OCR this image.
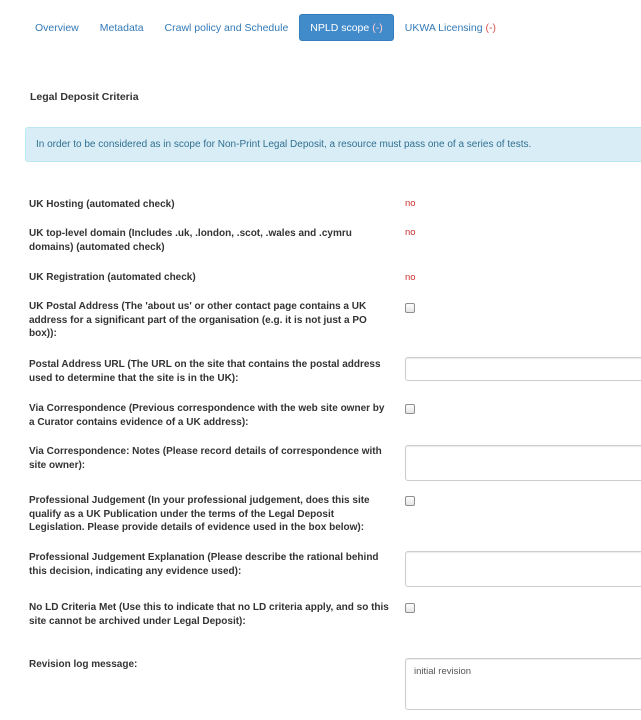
Overview Metadata Crawl policy and Schedule NPLD scope (-) UKWA Licensing (-)
Legal Deposit Criteria
In order to be considered as in scope for Non-Print Legal Deposit, a resource must pass one of a series of tests.
UK Hosting (automated check)	no
UK top-level domain (Includes .uk, .london, .scot, .wales and .cymru domains) (automated check)
no
UK Registration (automated check)	no
UK Postal Address (The 'about us' or other contact page contains a UK address for a significant part of the organisation (e.g. it is not just a PO box)):
Postal Address URL (The URL on the site that contains the postal address used to determine that the site is in the UK):
Via Correspondence (Previous correspondence with the web site owner by a Curator contains evidence of a UK address):
Via Correspondence: Notes (Please record details of correspondence with site owner):
Professional Judgement (In your professional judgement, does this site qualify as a UK Publication under the terms of the Legal Deposit Legislation. Please provide details of evidence used in the box below):
Professional Judgement Explanation (Please describe the rational behind this decision, indicating any evidence used):
No LD Criteria Met (Use this to indicate that no LD criteria apply, and so this site cannot be archived under Legal Deposit):
Revision log message:
initial revision
